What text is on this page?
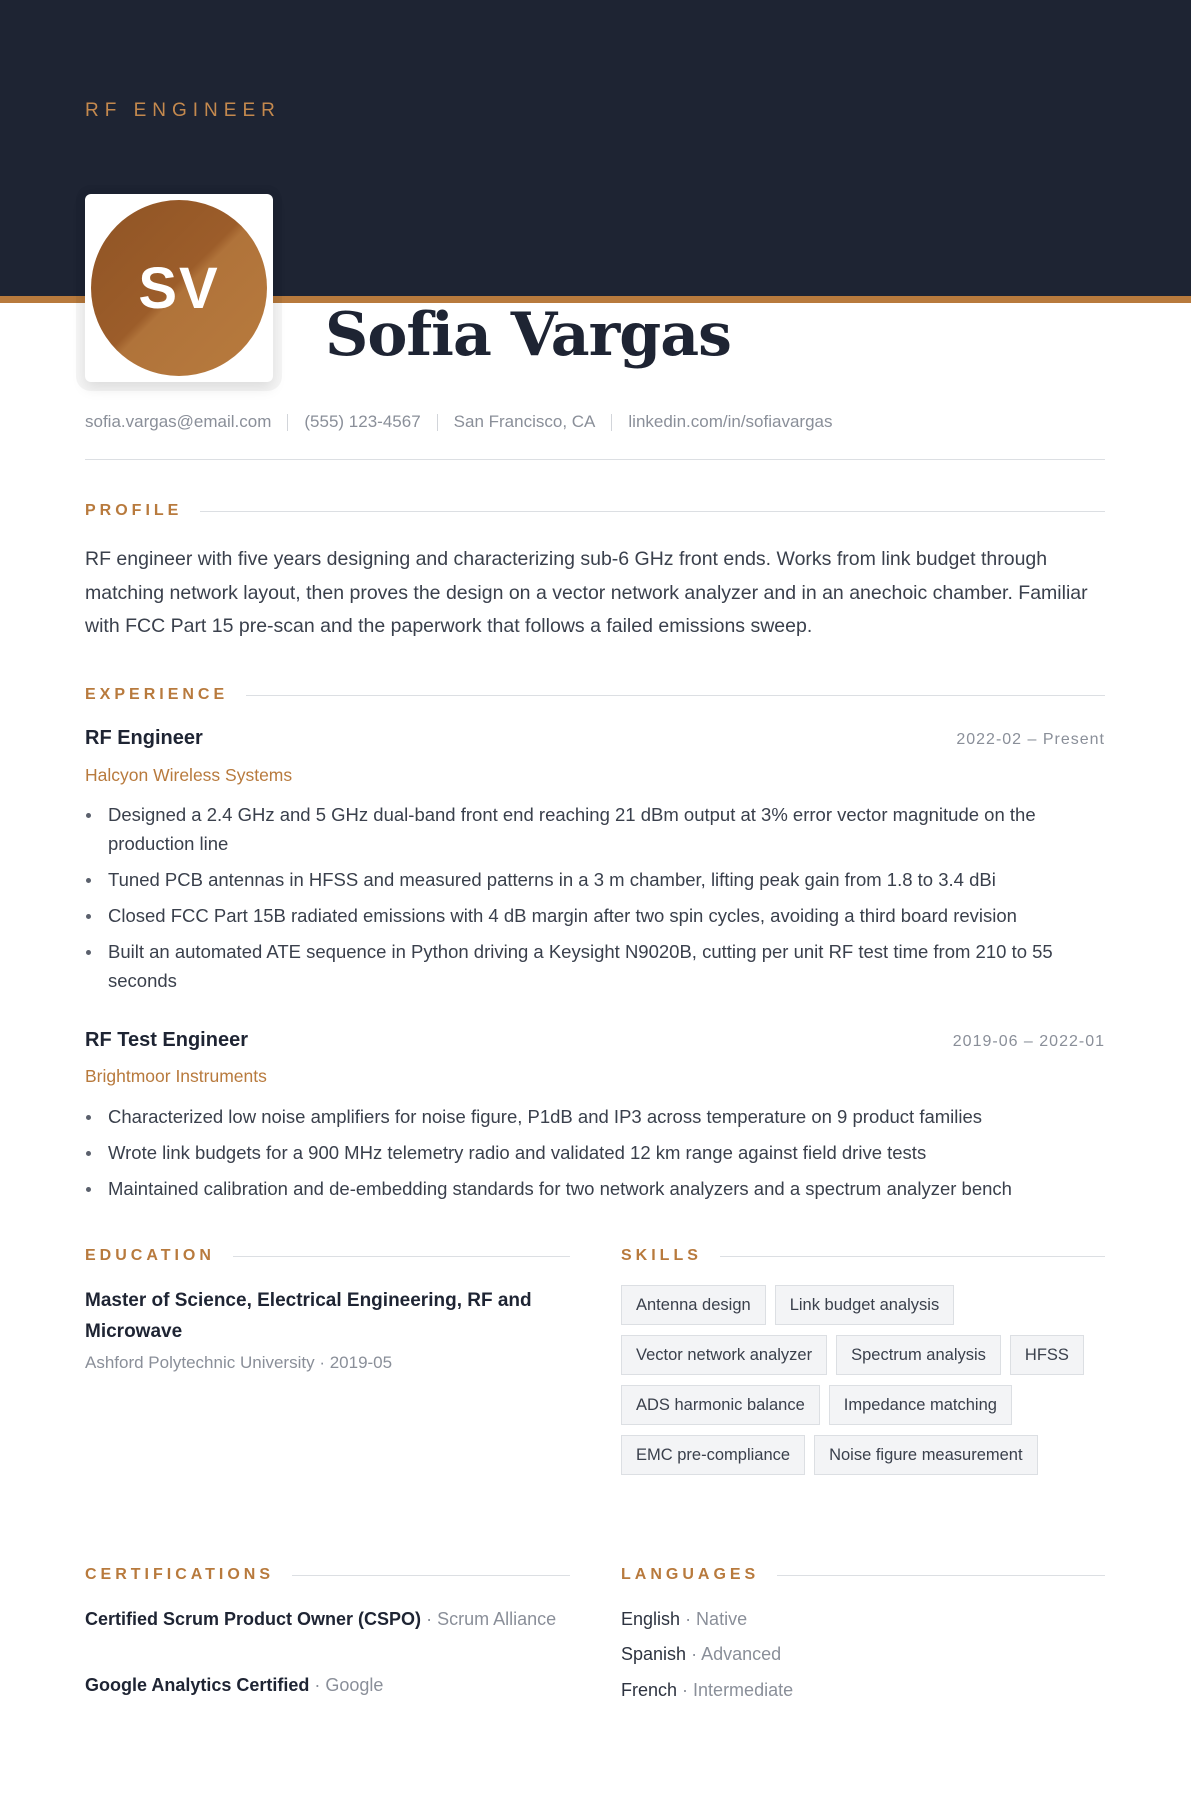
RF ENGINEER
SV
Sofia Vargas
sofia.vargas@email.com (555) 123-4567 San Francisco, CA linkedin.com/in/sofiavargas
PROFILE
RF engineer with five years designing and characterizing sub-6 GHz front ends. Works from link budget through matching network layout, then proves the design on a vector network analyzer and in an anechoic chamber. Familiar with FCC Part 15 pre-scan and the paperwork that follows a failed emissions sweep.
EXPERIENCE
RF Engineer	2022-02 – Present
Halcyon Wireless Systems
Designed a 2.4 GHz and 5 GHz dual-band front end reaching 21 dBm output at 3% error vector magnitude on the production line
Tuned PCB antennas in HFSS and measured patterns in a 3 m chamber, lifting peak gain from 1.8 to 3.4 dBi
Closed FCC Part 15B radiated emissions with 4 dB margin after two spin cycles, avoiding a third board revision
Built an automated ATE sequence in Python driving a Keysight N9020B, cutting per unit RF test time from 210 to 55 seconds
RF Test Engineer	2019-06 – 2022-01
Brightmoor Instruments
Characterized low noise amplifiers for noise figure, P1dB and IP3 across temperature on 9 product families
Wrote link budgets for a 900 MHz telemetry radio and validated 12 km range against field drive tests
Maintained calibration and de-embedding standards for two network analyzers and a spectrum analyzer bench
EDUCATION
Master of Science, Electrical Engineering, RF and Microwave
Ashford Polytechnic University · 2019-05
SKILLS
Antenna design	Link budget analysis
Vector network analyzer	Spectrum analysis	HFSS
ADS harmonic balance	Impedance matching
EMC pre-compliance	Noise figure measurement
CERTIFICATIONS
Certified Scrum Product Owner (CSPO) · Scrum Alliance
Google Analytics Certified · Google
LANGUAGES
English · Native
Spanish · Advanced
French · Intermediate
